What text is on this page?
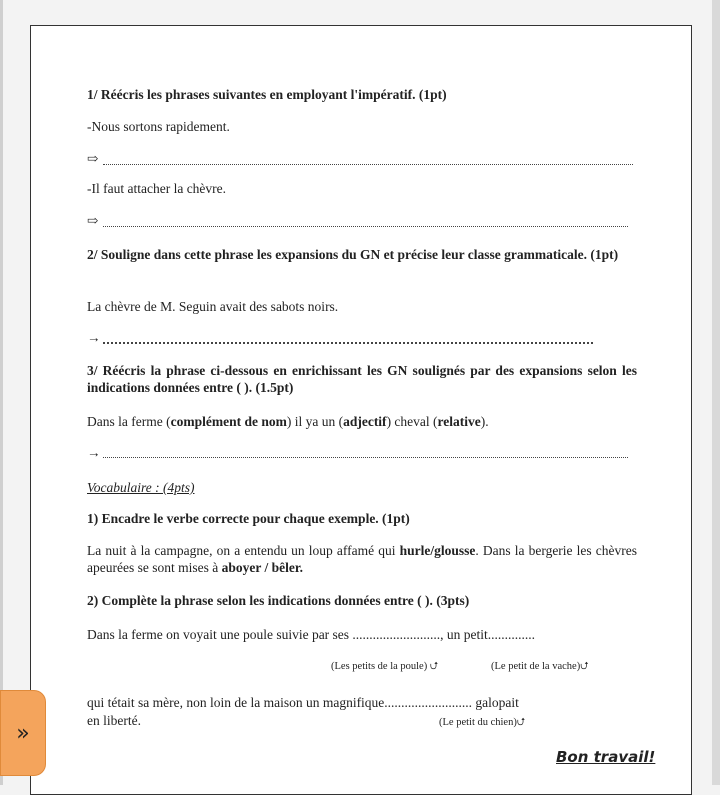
1/ Réécris les phrases suivantes en employant l'impératif. (1pt)
-Nous sortons rapidement.
⇨
-Il faut attacher la chèvre.
⇨
2/ Souligne dans cette phrase les expansions du GN et précise leur classe grammaticale. (1pt)
La chèvre de M. Seguin avait des sabots noirs.
→
3/ Réécris la phrase ci-dessous en enrichissant les GN soulignés par des expansions selon les indications données entre ( ). (1.5pt)
Dans la ferme (complément de nom) il ya un (adjectif) cheval (relative).
→
Vocabulaire : (4pts)
1) Encadre le verbe correcte pour chaque exemple. (1pt)
La nuit à la campagne, on a entendu un loup affamé qui hurle/glousse. Dans la bergerie les chèvres apeurées se sont mises à aboyer / bêler.
2) Complète la phrase selon les indications données entre ( ). (3pts)
Dans la ferme on voyait une poule suivie par ses .........................., un petit..............
(Les petits de la poule) ⮍	(Le petit de la vache)⮍
qui tétait sa mère, non loin de la maison un magnifique.......................... galopait
en liberté.	(Le petit du chien)⮍
Bon travail!
»
